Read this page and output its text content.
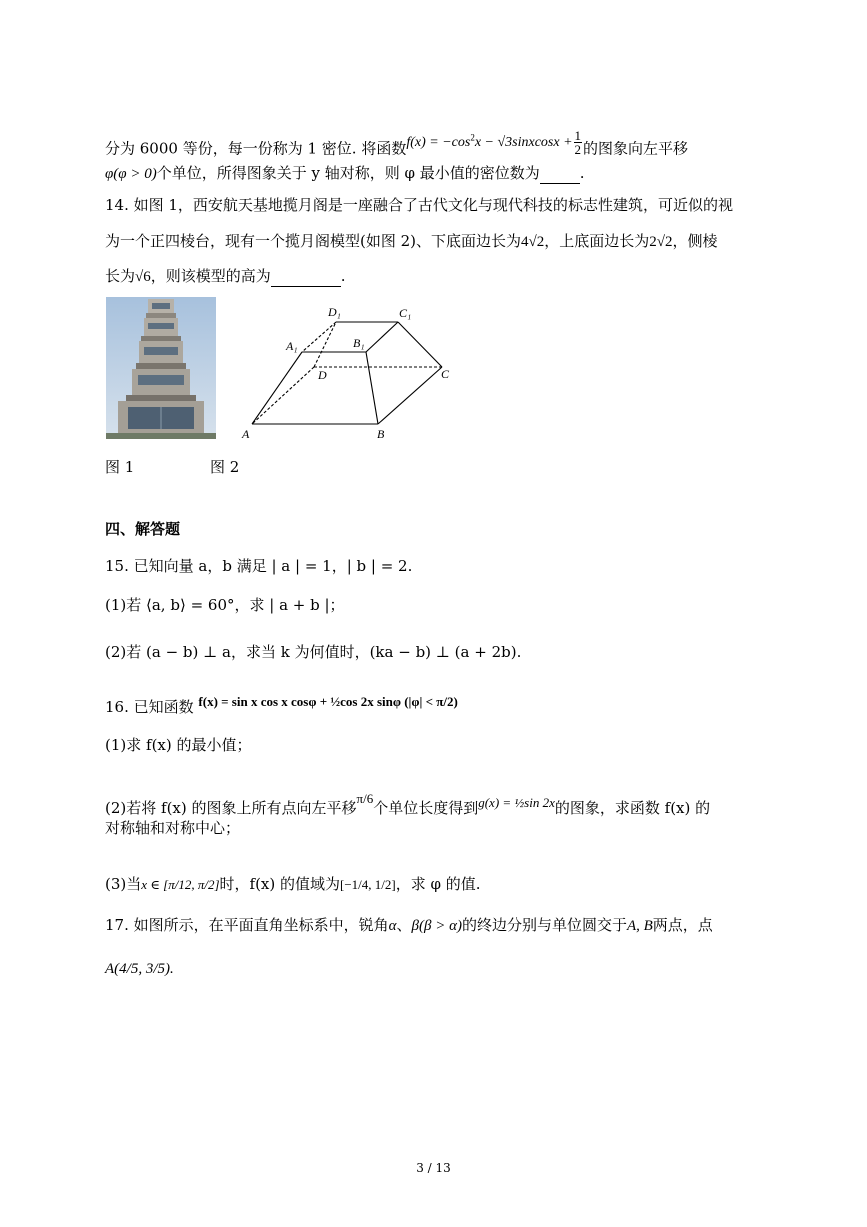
分为 6000 等份，每一份称为 1 密位. 将函数$f(x) = -\cos^2x$ − √3sinxcosx + $\frac{1}{2}$ 的图象向左平移
φ(φ > 0)个单位，所得图象关于 y 轴对称，则 φ 最小值的密位数为	.
14. 如图 1，西安航天基地揽月阁是一座融合了古代文化与现代科技的标志性建筑，可近似的视
为一个正四棱台，现有一个揽月阁模型(如图 2)、下底面边长为4√2，上底面边长为2√2，侧棱
长为√6，则该模型的高为	.
D₁	C₁
A₁	B₁
D	C
A	B
图 1	图 2
四、解答题
15. 已知向量 a，b 满足 | a | = 1，| b | = 2.
(1)若 ⟨a, b⟩ = 60°，求 | a + b |；
(2)若 (a − b) ⊥ a，求当 k 为何值时，(ka − b) ⊥ (a + 2b).
16. 已知函数 f(x) = sin x cos x cosφ + ½cos 2x sinφ (|φ| < π/2)
(1)求 f(x) 的最小值；
(2)若将 f(x) 的图象上所有点向左平移π/6个单位长度得到g(x) = ½sin 2x的图象，求函数 f(x) 的
对称轴和对称中心；
(3)当x ∈ [π/12, π/2]时，f(x) 的值域为[−1/4, 1/2]，求 φ 的值.
17. 如图所示，在平面直角坐标系中，锐角α、β(β > α)的终边分别与单位圆交于A, B两点，点
A(4/5, 3/5).
3 / 13
